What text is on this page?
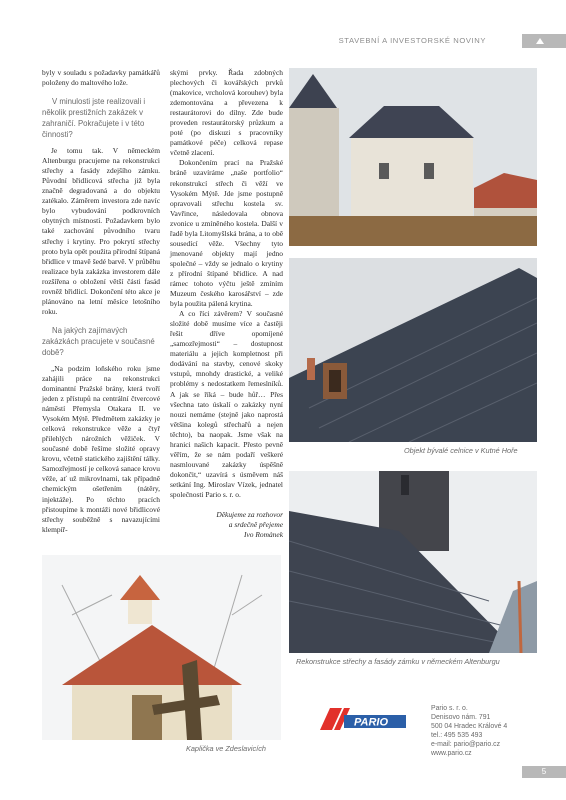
STAVEBNÍ A INVESTORSKÉ NOVINY

byly v souladu s požadavky památkářů položeny do maltového lože.

V minulosti jste realizovali i několik prestižních zakázek v zahraničí. Pokračujete i v této činnosti?

Je tomu tak. V německém Altenburgu pracujeme na rekonstrukci střechy a fasády zdejšího zámku. Původní břidlicová střecha již byla značně degradovaná a do objektu zatékalo. Záměrem investora zde navíc bylo vybudování podkrovních obytných místností. Požadavkem bylo také zachování původního tvaru střechy i krytiny. Pro pokrytí střechy proto byla opět použita přírodní štípaná břidlice v tmavě šedé barvě. V průběhu realizace byla zakázka investorem dále rozšířena o obložení větší části fasád rovněž břidlicí. Dokončení této akce je plánováno na letní měsíce letošního roku.

Na jakých zajímavých zakázkách pracujete v současné době?

„Na podzim loňského roku jsme zahájili práce na rekonstrukci dominantní Pražské brány, která tvoří jeden z přístupů na centrální čtvercové náměstí Přemysla Otakara II. ve Vysokém Mýtě. Předmětem zakázky je celková rekonstrukce věže a čtyř přilehlých nárožních věžiček. V současné době řešíme složité opravy krovu, včetně statického zajištění tálky. Samozřejmostí je celková sanace krovu věže, ať už mikrovlnami, tak případně chemickým ošetřením (nátěry, injektáže). Po těchto pracích přistoupíme k montáži nové břidlicové střechy souběžně s navazujícími klempíř-

skými prvky. Řada zdobných plechových či kovářských prvků (makovice, vrcholová korouhev) byla zdemontována a převezena k restaurátorovi do dílny. Zde bude proveden restaurátorský průzkum a poté (po diskuzi s pracovníky památkové péče) celková repase včetně zlacení.

Dokončením prací na Pražské bráně uzavíráme „naše portfolio“ rekonstrukcí střech či věží ve Vysokém Mýtě. Jde jsme postupně opravovali střechu kostela sv. Vavřince, následovala obnova zvonice u zmíněného kostela. Další v řadě byla Litomyšlská brána, a to obě sousedící věže. Všechny tyto jmenované objekty mají jedno společné – vždy se jednalo o krytiny z přírodní štípané břidlice. A nad rámec tohoto výčtu ještě zmíním Muzeum českého karosářství – zde byla použita pálená krytina.

A co říci závěrem? V současné složité době musíme více a častěji řešit dříve opomíjené „samozřejmosti“ – dostupnost materiálu a jejich kompletnost při dodávání na stavby, cenové skoky vstupů, mnohdy drastické, a veliké problémy s nedostatkem řemeslníků. A jak se říká – bude hůř… Přes všechna tato úskalí o zakázky nyní nouzi nemáme (stejně jako naprostá většina kolegů střechařů a nejen těchto), ba naopak. Jsme však na hranici našich kapacit. Přesto pevně věřím, že se nám podaří veškeré nasmlouvané zakázky úspěšně dokončit,“ uzavírá s úsměvem náš setkání Ing. Miroslav Vízek, jednatel společnosti Pario s. r. o.

Děkujeme za rozhovor

a srdečně přejeme

Ivo Romànek

Objekt bývalé celnice v Kutné Hoře
Rekonstrukce střechy a fasády zámku v německém Altenburgu
Kaplička ve Zdeslavicích
PARIO
Pario s. r. o.
Denisovo nám. 791
500 04 Hradec Králové 4
tel.: 495 535 493
e-mail: pario@pario.cz
www.pario.cz
5
